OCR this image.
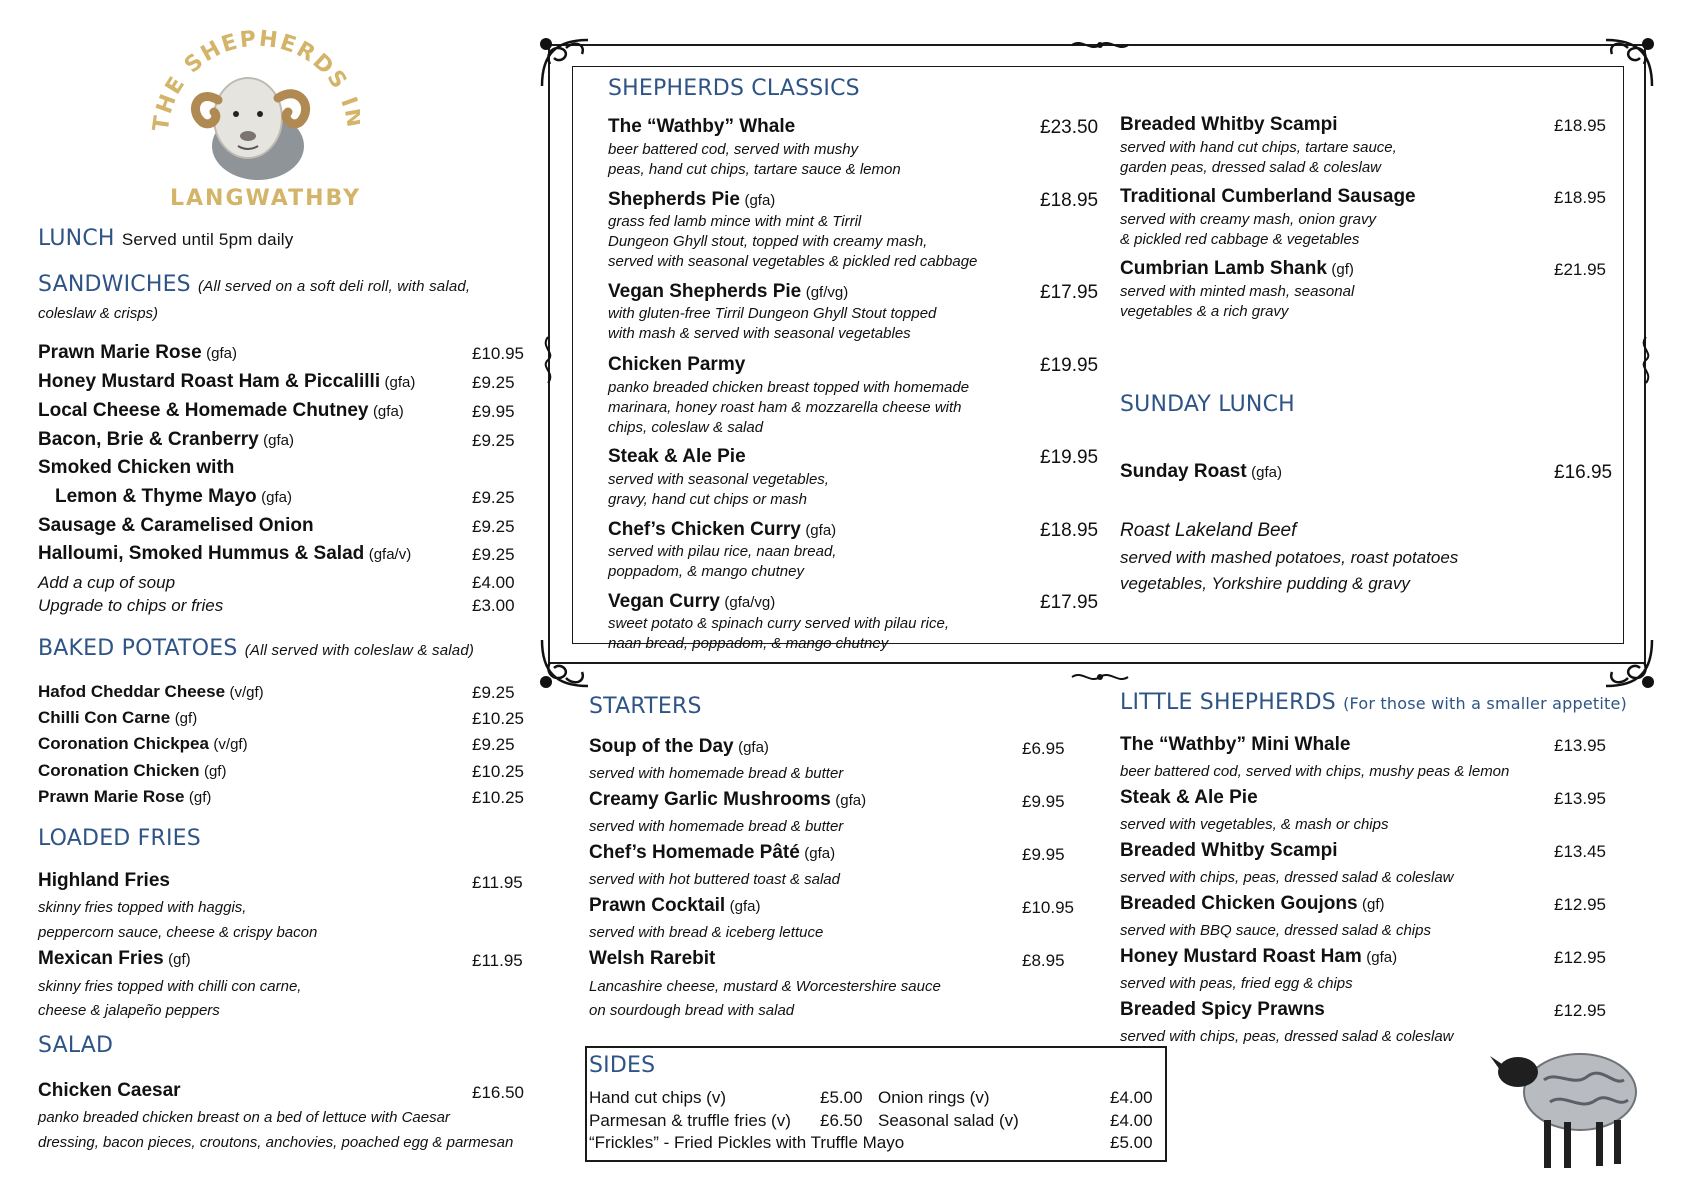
THE SHEPHERDS I
LANGWATHBY
LUNCH Served until 5pm daily
SANDWICHES (All served on a soft deli roll, with salad,
coleslaw & crisps)
Prawn Marie Rose (gfa)	£10.95
Honey Mustard Roast Ham & Piccalilli (gfa)	£9.25
Local Cheese & Homemade Chutney (gfa)	£9.95
Bacon, Brie & Cranberry (gfa)	£9.25
Smoked Chicken with
Lemon & Thyme Mayo (gfa)	£9.25
Sausage & Caramelised Onion	£9.25
Halloumi, Smoked Hummus & Salad (gfa/v)	£9.25
Add a cup of soup	£4.00
Upgrade to chips or fries	£3.00
BAKED POTATOES (All served with coleslaw & salad)
Hafod Cheddar Cheese (v/gf)	£9.25
Chilli Con Carne (gf)	£10.25
Coronation Chickpea (v/gf)	£9.25
Coronation Chicken (gf)	£10.25
Prawn Marie Rose (gf)	£10.25
LOADED FRIES
Highland Fries	£11.95
skinny fries topped with haggis,
peppercorn sauce, cheese & crispy bacon
Mexican Fries (gf)	£11.95
skinny fries topped with chilli con carne,
cheese & jalapeño peppers
SALAD
Chicken Caesar	£16.50
panko breaded chicken breast on a bed of lettuce with Caesar
dressing, bacon pieces, croutons, anchovies, poached egg & parmesan
SHEPHERDS CLASSICS
The “Wathby” Whale	£23.50
beer battered cod, served with mushy
peas, hand cut chips, tartare sauce & lemon
Shepherds Pie (gfa)	£18.95
grass fed lamb mince with mint & Tirril
Dungeon Ghyll stout, topped with creamy mash,
served with seasonal vegetables & pickled red cabbage
Vegan Shepherds Pie (gf/vg)	£17.95
with gluten-free Tirril Dungeon Ghyll Stout topped
with mash & served with seasonal vegetables
Chicken Parmy	£19.95
panko breaded chicken breast topped with homemade
marinara, honey roast ham & mozzarella cheese with
chips, coleslaw & salad
Steak & Ale Pie	£19.95
served with seasonal vegetables,
gravy, hand cut chips or mash
Chef’s Chicken Curry (gfa)	£18.95
served with pilau rice, naan bread,
poppadom, & mango chutney
Vegan Curry (gfa/vg)	£17.95
sweet potato & spinach curry served with pilau rice,
naan bread, poppadom, & mango chutney
Breaded Whitby Scampi	£18.95
served with hand cut chips, tartare sauce,
garden peas, dressed salad & coleslaw
Traditional Cumberland Sausage	£18.95
served with creamy mash, onion gravy
& pickled red cabbage & vegetables
Cumbrian Lamb Shank (gf)	£21.95
served with minted mash, seasonal
vegetables & a rich gravy
SUNDAY LUNCH
Sunday Roast (gfa)	£16.95
Roast Lakeland Beef
served with mashed potatoes, roast potatoes
vegetables, Yorkshire pudding & gravy
STARTERS
Soup of the Day (gfa)	£6.95
served with homemade bread & butter
Creamy Garlic Mushrooms (gfa)	£9.95
served with homemade bread & butter
Chef’s Homemade Pâté (gfa)	£9.95
served with hot buttered toast & salad
Prawn Cocktail (gfa)	£10.95
served with bread & iceberg lettuce
Welsh Rarebit	£8.95
Lancashire cheese, mustard & Worcestershire sauce
on sourdough bread with salad
SIDES
Hand cut chips (v)	£5.00 Onion rings (v)	£4.00
Parmesan & truffle fries (v) £6.50 Seasonal salad (v)	£4.00
“Frickles” - Fried Pickles with Truffle Mayo	£5.00
LITTLE SHEPHERDS (For those with a smaller appetite)
The “Wathby” Mini Whale	£13.95
beer battered cod, served with chips, mushy peas & lemon
Steak & Ale Pie	£13.95
served with vegetables, & mash or chips
Breaded Whitby Scampi	£13.45
served with chips, peas, dressed salad & coleslaw
Breaded Chicken Goujons (gf)	£12.95
served with BBQ sauce, dressed salad & chips
Honey Mustard Roast Ham (gfa)	£12.95
served with peas, fried egg & chips
Breaded Spicy Prawns	£12.95
served with chips, peas, dressed salad & coleslaw
